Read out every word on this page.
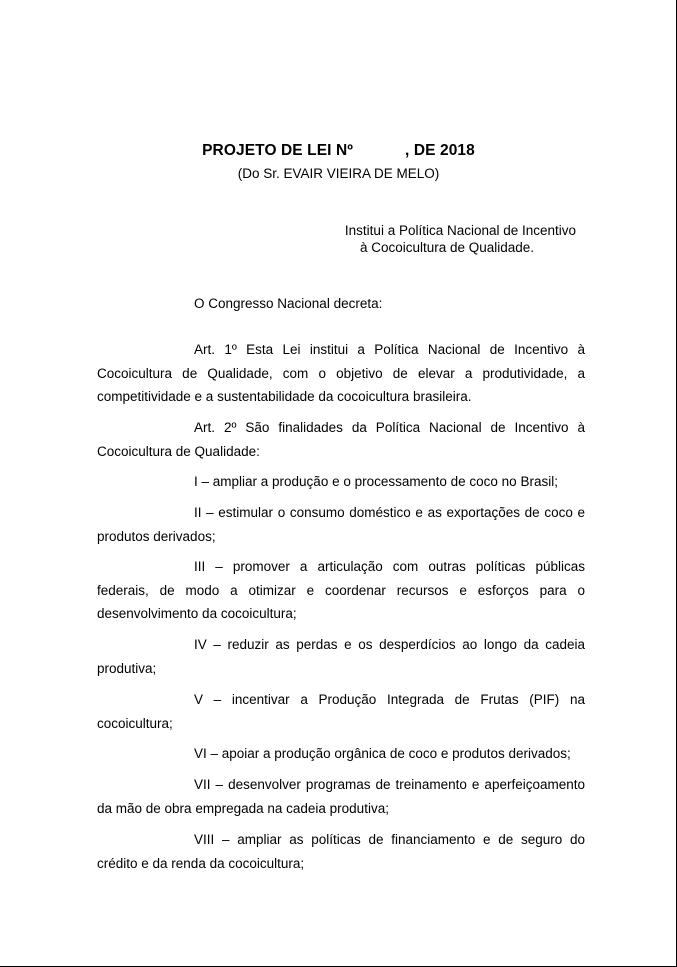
PROJETO DE LEI Nº	, DE 2018
(Do Sr. EVAIR VIEIRA DE MELO)
Institui a Política Nacional de Incentivo
à Cocoicultura de Qualidade.
O Congresso Nacional decreta:
Art. 1º Esta Lei institui a Política Nacional de Incentivo à Cocoicultura de Qualidade, com o objetivo de elevar a produtividade, a competitividade e a sustentabilidade da cocoicultura brasileira.
Art. 2º São finalidades da Política Nacional de Incentivo à Cocoicultura de Qualidade:
I – ampliar a produção e o processamento de coco no Brasil;
II – estimular o consumo doméstico e as exportações de coco e produtos derivados;
III – promover a articulação com outras políticas públicas federais, de modo a otimizar e coordenar recursos e esforços para o desenvolvimento da cocoicultura;
IV – reduzir as perdas e os desperdícios ao longo da cadeia produtiva;
V – incentivar a Produção Integrada de Frutas (PIF) na cocoicultura;
VI – apoiar a produção orgânica de coco e produtos derivados;
VII – desenvolver programas de treinamento e aperfeiçoamento da mão de obra empregada na cadeia produtiva;
VIII – ampliar as políticas de financiamento e de seguro do crédito e da renda da cocoicultura;
